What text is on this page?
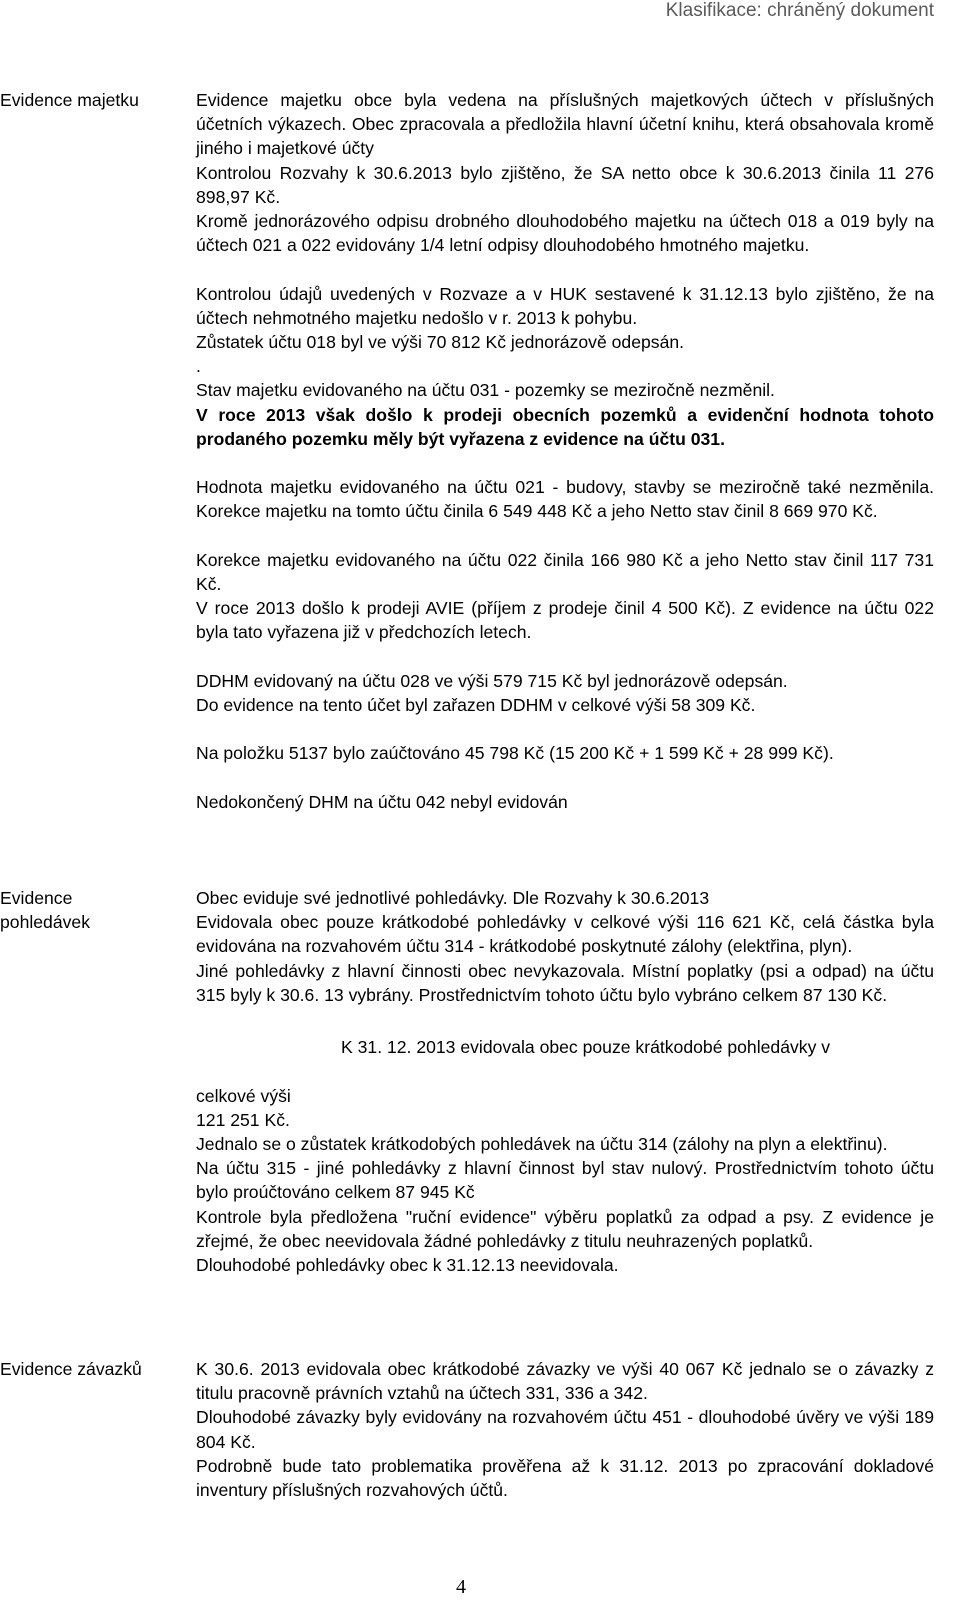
Klasifikace: chráněný dokument
Evidence majetku	Evidence majetku obce byla vedena na příslušných majetkových účtech v příslušných účetních výkazech. Obec zpracovala a předložila hlavní účetní knihu, která obsahovala kromě jiného i majetkové účty

Kontrolou Rozvahy k 30.6.2013 bylo zjištěno, že SA netto obce k 30.6.2013 činila 11 276 898,97 Kč.

Kromě jednorázového odpisu drobného dlouhodobého majetku na účtech 018 a 019 byly na účtech 021 a 022 evidovány 1/4 letní odpisy dlouhodobého hmotného majetku.

Kontrolou údajů uvedených v Rozvaze a v HUK sestavené k 31.12.13 bylo zjištěno, že na účtech nehmotného majetku nedošlo v r. 2013 k pohybu.

Zůstatek účtu 018 byl ve výši 70 812 Kč jednorázově odepsán.

.

Stav majetku evidovaného na účtu 031 - pozemky se meziročně nezměnil.

V roce 2013 však došlo k prodeji obecních pozemků a evidenční hodnota tohoto prodaného pozemku měly být vyřazena z evidence na účtu 031.

Hodnota majetku evidovaného na účtu 021 - budovy, stavby se meziročně také nezměnila. Korekce majetku na tomto účtu činila 6 549 448 Kč a jeho Netto stav činil 8 669 970 Kč.

Korekce majetku evidovaného na účtu 022 činila 166 980 Kč a jeho Netto stav činil 117 731 Kč.

V roce 2013 došlo k prodeji AVIE (příjem z prodeje činil 4 500 Kč). Z evidence na účtu 022 byla tato vyřazena již v předchozích letech.

DDHM evidovaný na účtu 028 ve výši 579 715 Kč byl jednorázově odepsán.

Do evidence na tento účet byl zařazen DDHM v celkové výši 58 309 Kč.

Na položku 5137 bylo zaúčtováno 45 798 Kč (15 200 Kč + 1 599 Kč + 28 999 Kč).

Nedokončený DHM na účtu 042 nebyl evidován

Evidence pohledávek

Obec eviduje své jednotlivé pohledávky. Dle Rozvahy k 30.6.2013

Evidovala obec pouze krátkodobé pohledávky v celkové výši 116 621 Kč, celá částka byla evidována na rozvahovém účtu 314 - krátkodobé poskytnuté zálohy (elektřina, plyn).

Jiné pohledávky z hlavní činnosti obec nevykazovala. Místní poplatky (psi a odpad) na účtu 315 byly k 30.6. 13 vybrány. Prostřednictvím tohoto účtu bylo vybráno celkem 87 130 Kč.

K 31. 12. 2013 evidovala obec pouze krátkodobé pohledávky v

celkové výši

121 251 Kč.

Jednalo se o zůstatek krátkodobých pohledávek na účtu 314 (zálohy na plyn a elektřinu).

Na účtu 315 - jiné pohledávky z hlavní činnost byl stav nulový. Prostřednictvím tohoto účtu bylo proúčtováno celkem 87 945 Kč

Kontrole byla předložena "ruční evidence" výběru poplatků za odpad a psy. Z evidence je zřejmé, že obec neevidovala žádné pohledávky z titulu neuhrazených poplatků.

Dlouhodobé pohledávky obec k 31.12.13 neevidovala.

Evidence závazků	K 30.6. 2013 evidovala obec krátkodobé závazky ve výši 40 067 Kč jednalo se o závazky z titulu pracovně právních vztahů na účtech 331, 336 a 342.

Dlouhodobé závazky byly evidovány na rozvahovém účtu 451 - dlouhodobé úvěry ve výši 189 804 Kč.

Podrobně bude tato problematika prověřena až k 31.12. 2013 po zpracování dokladové inventury příslušných rozvahových účtů.

4
